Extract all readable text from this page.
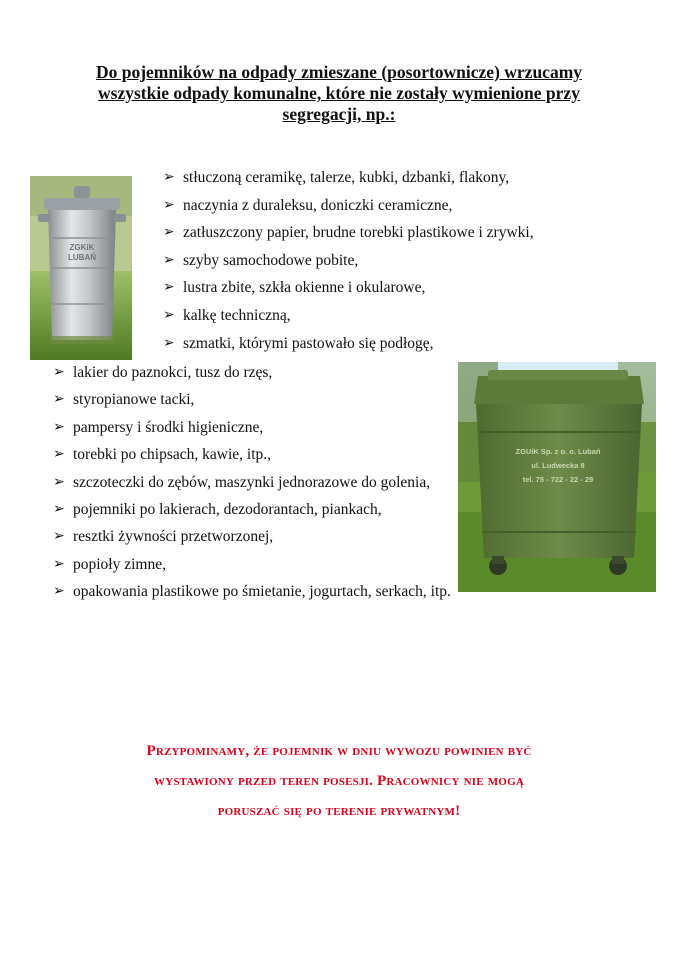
Do pojemników na odpady zmieszane (posortownicze) wrzucamy
wszystkie odpady komunalne, które nie zostały wymienione przy
segregacji, np.:
ZGKiK
LUBAŃ
➢ stłuczoną ceramikę, talerze, kubki, dzbanki, flakony,
➢ naczynia z duraleksu, doniczki ceramiczne,
➢ zatłuszczony papier, brudne torebki plastikowe i zrywki,
➢ szyby samochodowe pobite,
➢ lustra zbite, szkła okienne i okularowe,
➢ kalkę techniczną,
➢ szmatki, którymi pastowało się podłogę,
➢ lakier do paznokci, tusz do rzęs,
➢ styropianowe tacki,
➢ pampersy i środki higieniczne,
➢ torebki po chipsach, kawie, itp.,
➢ szczoteczki do zębów, maszynki jednorazowe do golenia,
➢ pojemniki po lakierach, dezodorantach, piankach,
➢ resztki żywności przetworzonej,
➢ popioły zimne,
➢ opakowania plastikowe po śmietanie, jogurtach, serkach, itp.
ZGUiK Sp. z o. o. Lubań
ul. Ludwecka 8
tel. 75 - 722 - 22 - 29
Przypominamy, że pojemnik w dniu wywozu powinien być
wystawiony przed teren posesji. Pracownicy nie mogą
poruszać się po terenie prywatnym!
